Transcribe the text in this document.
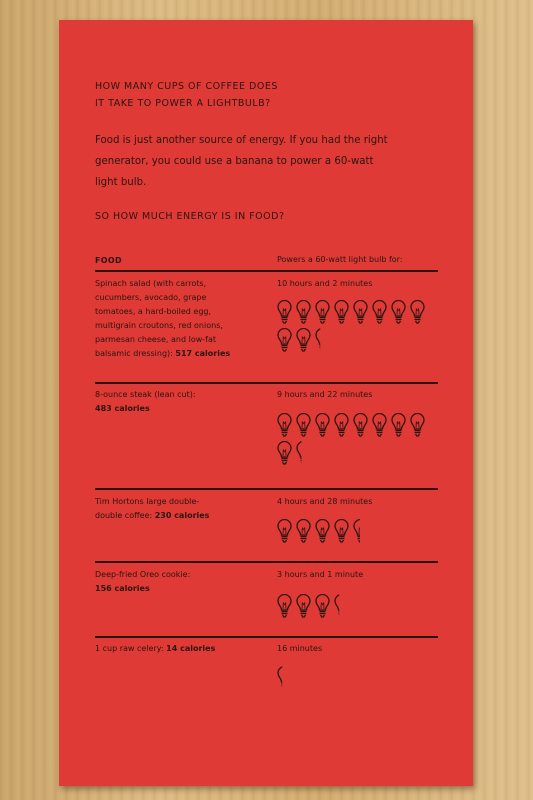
HOW MANY CUPS OF COFFEE DOES
IT TAKE TO POWER A LIGHTBULB?
Food is just another source of energy. If you had the right
generator, you could use a banana to power a 60-watt
light bulb.
SO HOW MUCH ENERGY IS IN FOOD?
FOOD	Powers a 60-watt light bulb for:
Spinach salad (with carrots,
cucumbers, avocado, grape
tomatoes, a hard-boiled egg,
multigrain croutons, red onions,
parmesan cheese, and low-fat
balsamic dressing): 517 calories
10 hours and 2 minutes
8-ounce steak (lean cut):
483 calories
9 hours and 22 minutes
Tim Hortons large double-
double coffee: 230 calories
4 hours and 28 minutes
Deep-fried Oreo cookie:
156 calories
3 hours and 1 minute
1 cup raw celery: 14 calories	16 minutes
